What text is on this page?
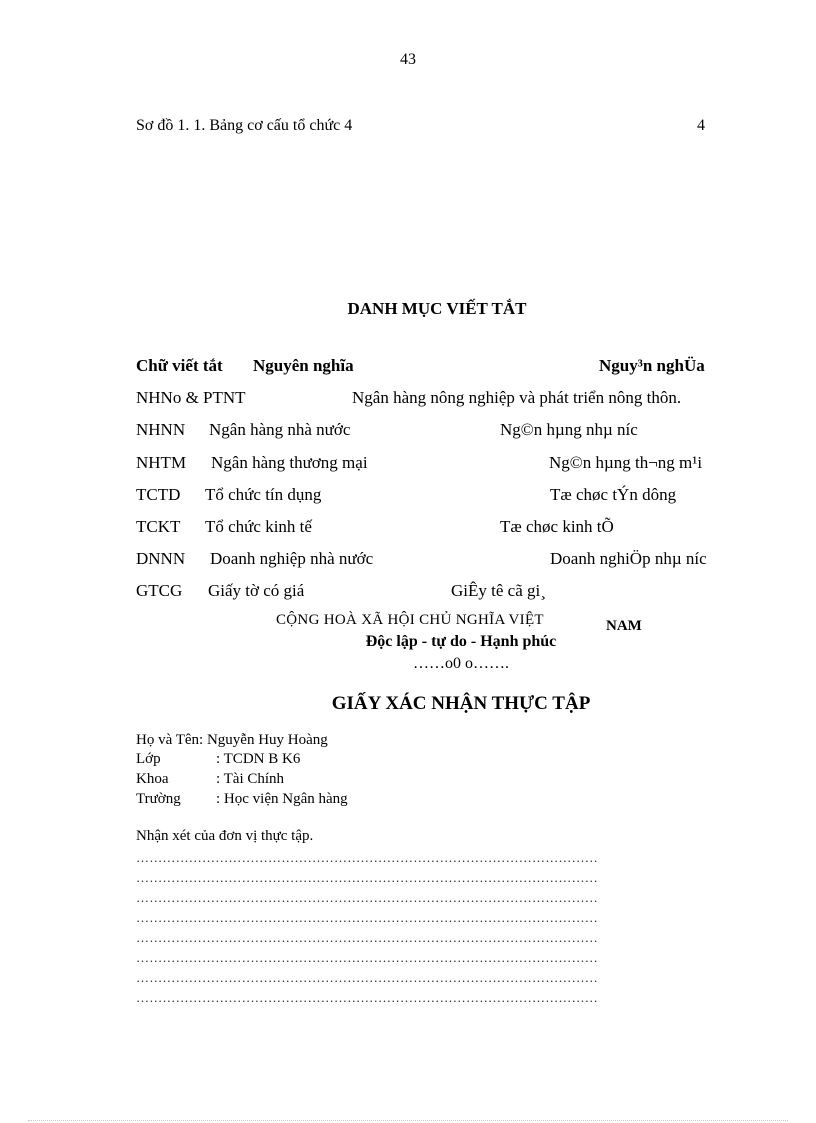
43
Sơ đồ 1. 1. Bảng cơ cấu tổ chức 4	4
DANH MỤC VIẾT TẮT
Chữ viết tắt Nguyên nghĩa	Nguy³n nghÜa
NHNo & PTNT	Ngân hàng nông nghiệp và phát triển nông thôn.
NHNN Ngân hàng nhà nước	Ng©n hµng nhµ níc
NHTM Ngân hàng thương mại	Ng©n hµng th¬ng m¹i
TCTD Tổ chức tín dụng	Tæ chøc tÝn dông
TCKT Tổ chức kinh tế	Tæ chøc kinh tÕ
DNNN Doanh nghiệp nhà nước	Doanh nghiÖp nhµ níc
GTCG Giấy tờ có giá	GiÊy tê cã gi¸
CỘNG HOÀ XÃ HỘI CHỦ NGHĨA VIỆT	NAM
Độc lập - tự do - Hạnh phúc
……o0 o…….
GIẤY XÁC NHẬN THỰC TẬP
Họ và Tên: Nguyễn Huy Hoàng
Lớp	: TCDN B K6
Khoa	: Tài Chính
Trường : Học viện Ngân hàng
Nhận xét của đơn vị thực tập.
……………………………………………………………………………………………
……………………………………………………………………………………………
……………………………………………………………………………………………
……………………………………………………………………………………………
……………………………………………………………………………………………
……………………………………………………………………………………………
……………………………………………………………………………………………
……………………………………………………………………………………………
